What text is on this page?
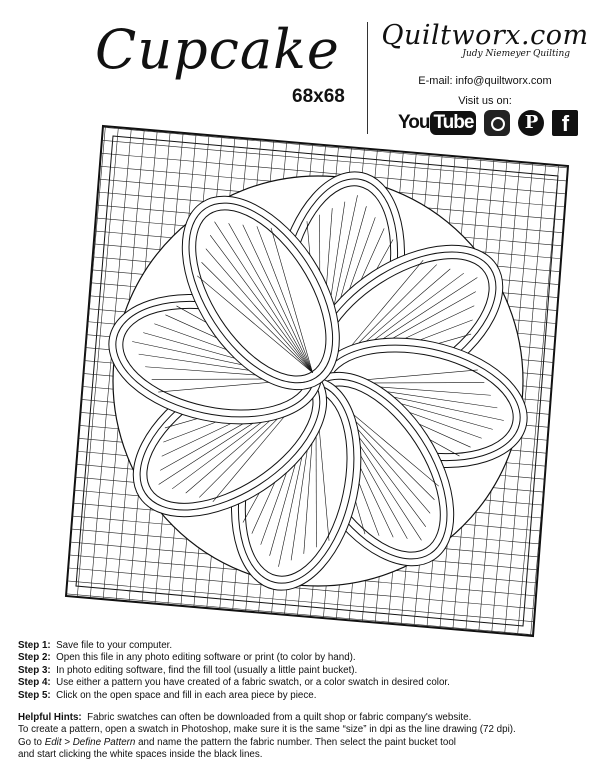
Cupcake
68x68
Quiltworx.com
Judy Niemeyer Quilting
E-mail: info@quiltworx.com
Visit us on:
You Tube	P	f
Step 1: Save file to your computer.
Step 2: Open this file in any photo editing software or print (to color by hand).
Step 3: In photo editing software, find the fill tool (usually a little paint bucket).
Step 4: Use either a pattern you have created of a fabric swatch, or a color swatch in desired color.
Step 5: Click on the open space and fill in each area piece by piece.
Helpful Hints: Fabric swatches can often be downloaded from a quilt shop or fabric company's website.
To create a pattern, open a swatch in Photoshop, make sure it is the same “size” in dpi as the line drawing (72 dpi).
Go to Edit > Define Pattern and name the pattern the fabric number. Then select the paint bucket tool
and start clicking the white spaces inside the black lines.
